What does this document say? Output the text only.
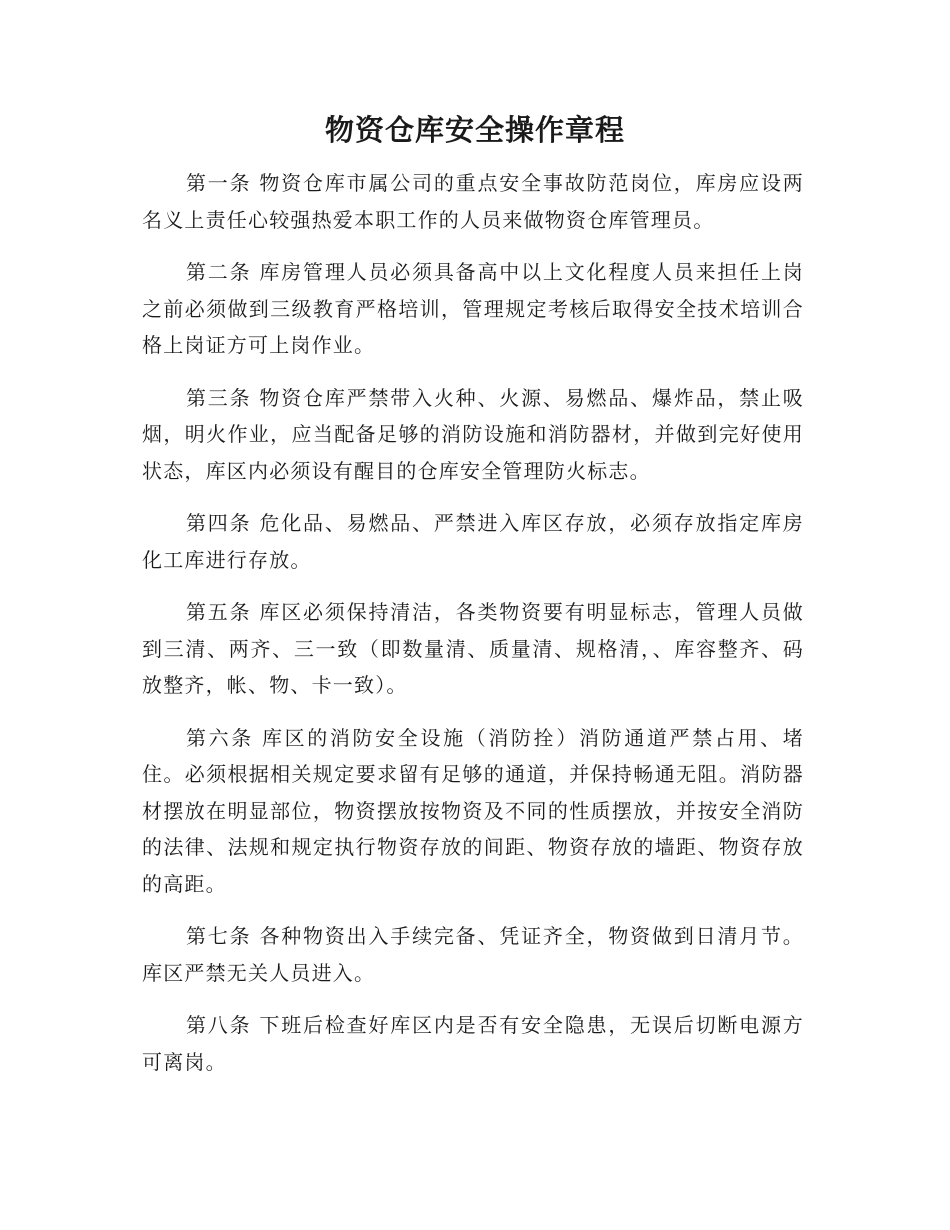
物资仓库安全操作章程

第一条 物资仓库市属公司的重点安全事故防范岗位，库房应设两名义上责任心较强热爱本职工作的人员来做物资仓库管理员。

第二条 库房管理人员必须具备高中以上文化程度人员来担任上岗之前必须做到三级教育严格培训，管理规定考核后取得安全技术培训合格上岗证方可上岗作业。

第三条 物资仓库严禁带入火种、火源、易燃品、爆炸品，禁止吸烟，明火作业，应当配备足够的消防设施和消防器材，并做到完好使用状态，库区内必须设有醒目的仓库安全管理防火标志。

第四条 危化品、易燃品、严禁进入库区存放，必须存放指定库房化工库进行存放。

第五条 库区必须保持清洁，各类物资要有明显标志，管理人员做到三清、两齐、三一致（即数量清、质量清、规格清，、库容整齐、码放整齐，帐、物、卡一致）。

第六条 库区的消防安全设施（消防拴）消防通道严禁占用、堵住。必须根据相关规定要求留有足够的通道，并保持畅通无阻。消防器材摆放在明显部位，物资摆放按物资及不同的性质摆放，并按安全消防的法律、法规和规定执行物资存放的间距、物资存放的墙距、物资存放的高距。

第七条 各种物资出入手续完备、凭证齐全，物资做到日清月节。库区严禁无关人员进入。

第八条 下班后检查好库区内是否有安全隐患，无误后切断电源方可离岗。
